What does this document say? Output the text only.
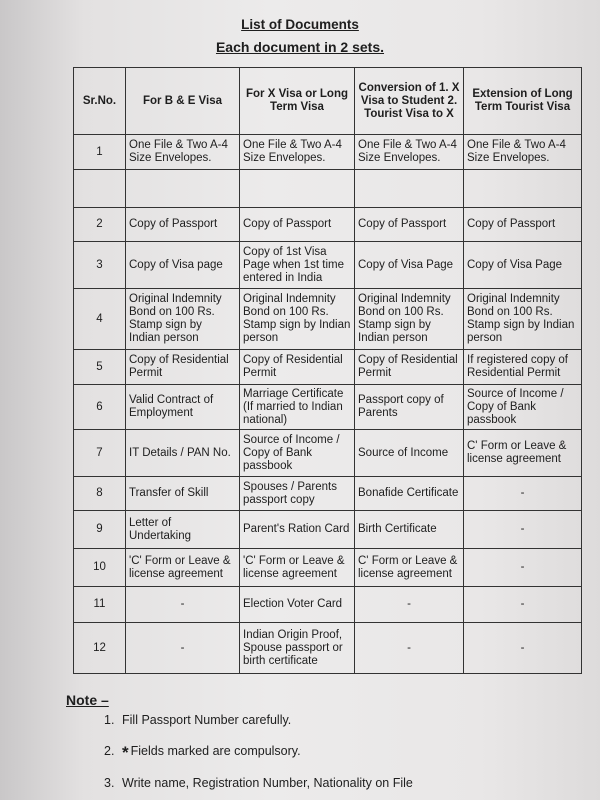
List of Documents
Each document in 2 sets.
Sr.No.	For B & E Visa	For X Visa or Long Term Visa	Conversion of 1. X Visa to Student 2. Tourist Visa to X	Extension of Long Term Tourist Visa
1	One File & Two A-4 Size Envelopes.	One File & Two A-4 Size Envelopes.	One File & Two A-4 Size Envelopes.	One File & Two A-4 Size Envelopes.

2	Copy of Passport	Copy of Passport	Copy of Passport	Copy of Passport
3	Copy of Visa page	Copy of 1st Visa Page when 1st time entered in India	Copy of Visa Page	Copy of Visa Page
4	Original Indemnity Bond on 100 Rs. Stamp sign by Indian person	Original Indemnity Bond on 100 Rs. Stamp sign by Indian person	Original Indemnity Bond on 100 Rs. Stamp sign by Indian person	Original Indemnity Bond on 100 Rs. Stamp sign by Indian person
5	Copy of Residential Permit	Copy of Residential Permit	Copy of Residential Permit	If registered copy of Residential Permit
6	Valid Contract of Employment	Marriage Certificate (If married to Indian national)	Passport copy of Parents	Source of Income / Copy of Bank passbook
7	IT Details / PAN No.	Source of Income / Copy of Bank passbook	Source of Income	C' Form or Leave & license agreement
8	Transfer of Skill	Spouses / Parents passport copy	Bonafide Certificate	-
9	Letter of Undertaking	Parent's Ration Card	Birth Certificate	-
10	'C' Form or Leave & license agreement	'C' Form or Leave & license agreement	C' Form or Leave & license agreement	-
11	-	Election Voter Card	-	-
12	-	Indian Origin Proof, Spouse passport or birth certificate	-	-
Note –
1. Fill Passport Number carefully.
2. * Fields marked are compulsory.
3. Write name, Registration Number, Nationality on File
